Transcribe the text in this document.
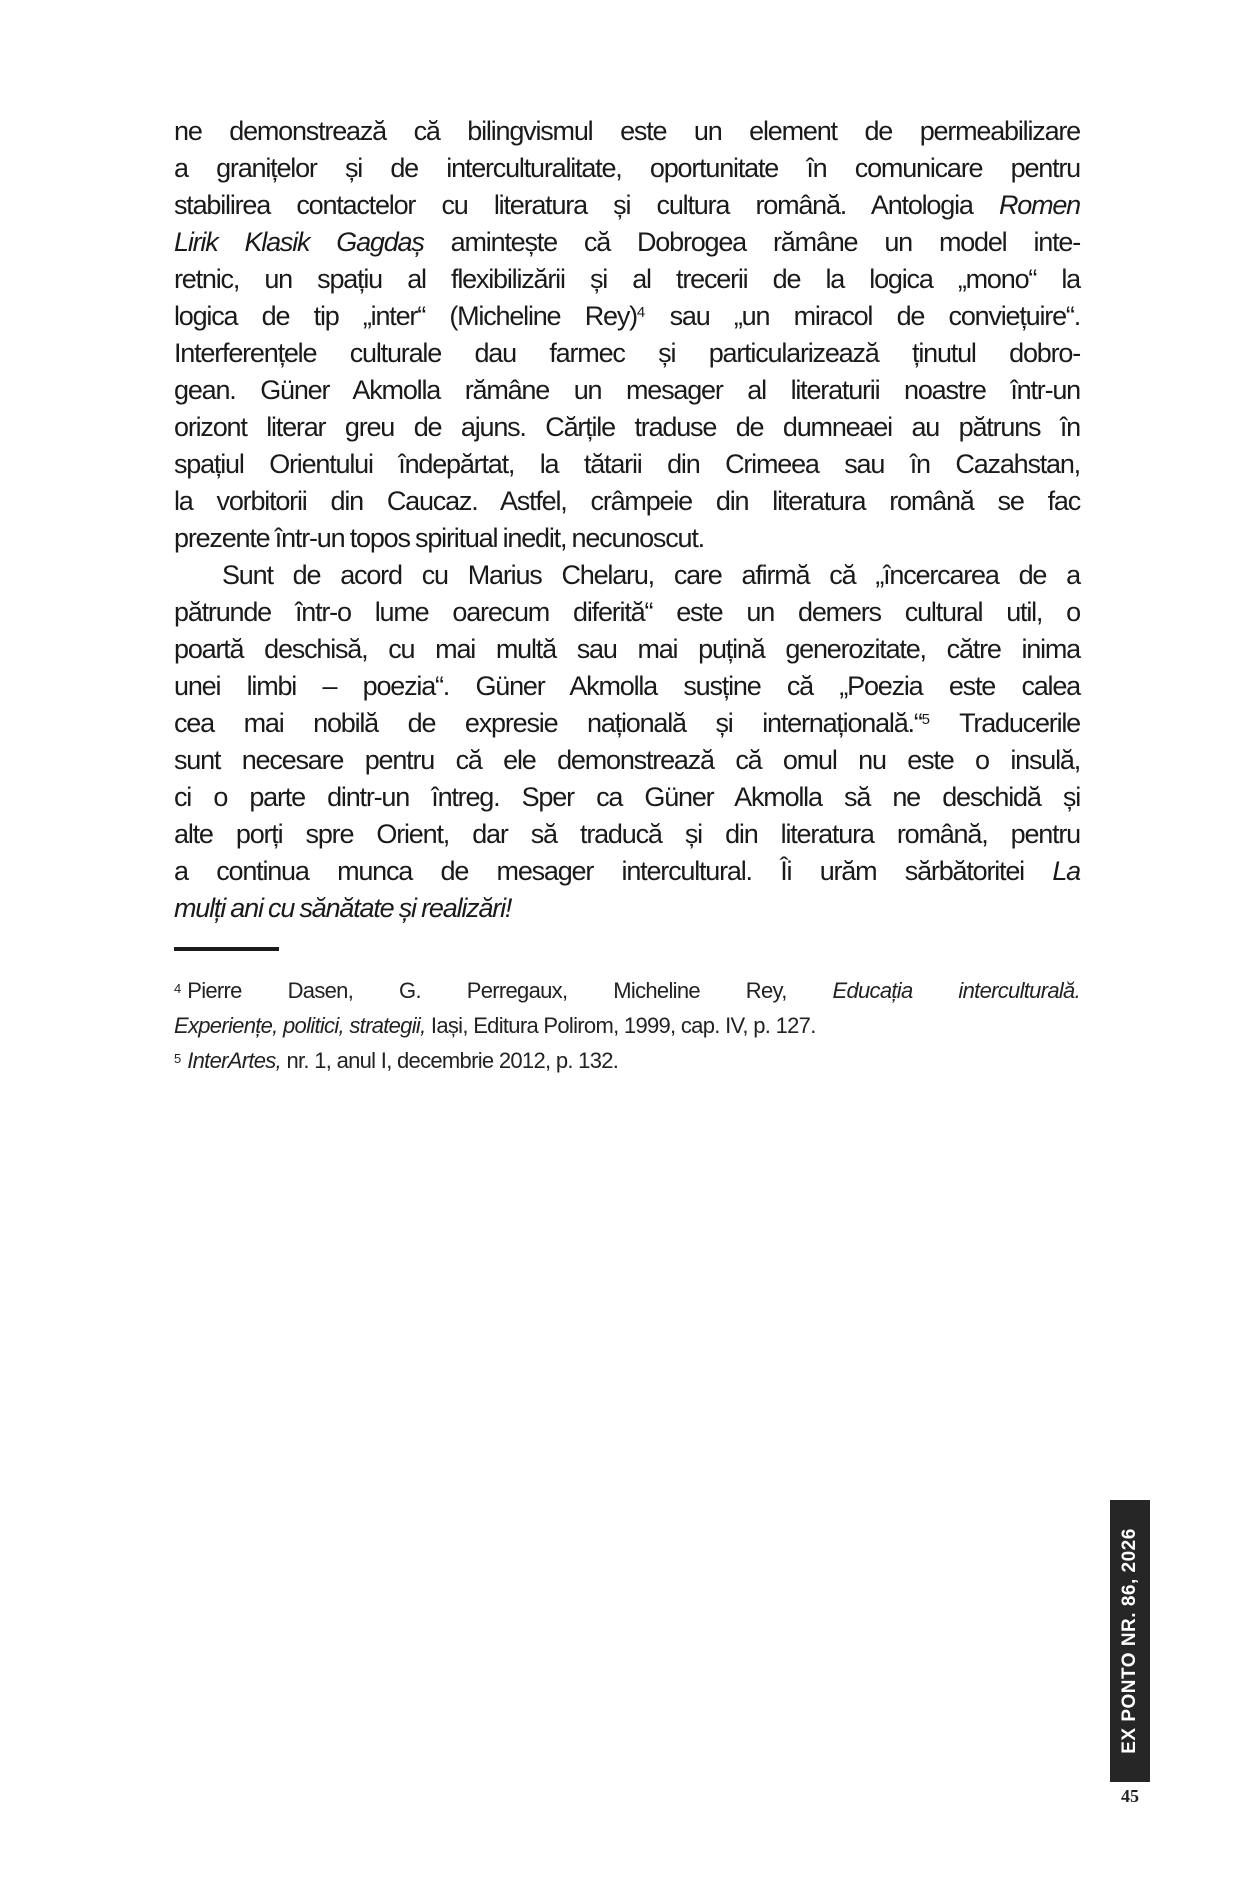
ne demonstrează că bilingvismul este un element de permeabilizare
a granițelor și de interculturalitate, oportunitate în comunicare pentru
stabilirea contactelor cu literatura și cultura română. Antologia Romen
Lirik Klasik Gagdaș amintește că Dobrogea rămâne un model inte-
retnic, un spațiu al flexibilizării și al trecerii de la logica „mono“ la
logica de tip „inter“ (Micheline Rey)$^4$ sau „un miracol de conviețuire“.
Interferențele culturale dau farmec și particularizează ținutul dobro-
gean. Güner Akmolla rămâne un mesager al literaturii noastre într-un
orizont literar greu de ajuns. Cărțile traduse de dumneaei au pătruns în
spațiul Orientului îndepărtat, la tătarii din Crimeea sau în Cazahstan,
la vorbitorii din Caucaz. Astfel, crâmpeie din literatura română se fac
prezente într-un topos spiritual inedit, necunoscut.
Sunt de acord cu Marius Chelaru, care afirmă că „încercarea de a
pătrunde într-o lume oarecum diferită“ este un demers cultural util, o
poartă deschisă, cu mai multă sau mai puțină generozitate, către inima
unei limbi – poezia“. Güner Akmolla susține că „Poezia este calea
cea mai nobilă de expresie națională și internațională.“$^5$ Traducerile
sunt necesare pentru că ele demonstrează că omul nu este o insulă,
ci o parte dintr-un întreg. Sper ca Güner Akmolla să ne deschidă și
alte porți spre Orient, dar să traducă și din literatura română, pentru
a continua munca de mesager intercultural. Îi urăm sărbătoritei La
mulți ani cu sănătate și realizări!
$^4$ Pierre Dasen, G. Perregaux, Micheline Rey, Educația interculturală.
Experiențe, politici, strategii, Iași, Editura Polirom, 1999, cap. IV, p. 127.
$^5$ InterArtes, nr. 1, anul I, decembrie 2012, p. 132.
EX PONTO NR. 86, 2026
45
